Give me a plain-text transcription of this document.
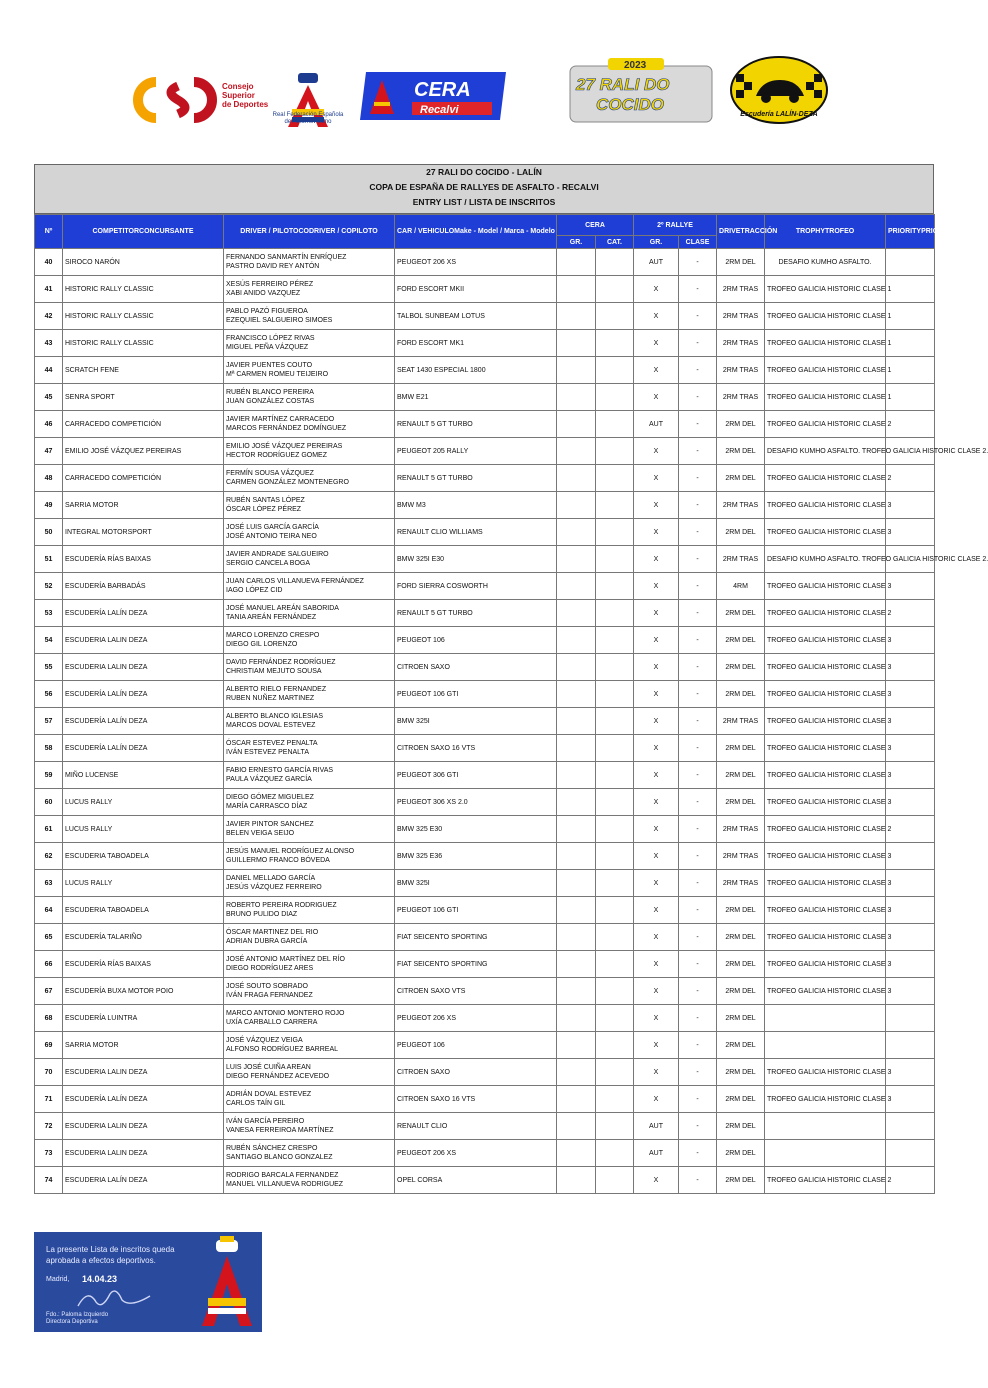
Consejo
Superior
de Deportes
Real Federación Española
de Automovilismo
CERA
Recalvi
2023
27 RALI DO
COCIDO
Escudería LALÍN-DEZA
27 RALI DO COCIDO - LALÍN
COPA DE ESPAÑA DE RALLYES DE ASFALTO - RECALVI
ENTRY LIST / LISTA DE INSCRITOS
Nº	COMPETITORCONCURSANTE	DRIVER / PILOTOCODRIVER / COPILOTO	CAR / VEHICULOMake - Model / Marca - Modelo	CERA		2º RALLYE		DRIVETRACCIÓN	TROPHYTROFEO	PRIORITYPRIORIDAD
				GR.	CAT.	GR.	CLASE			
40	SIROCO NARÓN	FERNANDO SANMARTÍN ENRÍQUEZ
PASTRO DAVID REY ANTÓN	PEUGEOT 206 XS			AUT	-	2RM DEL	DESAFIO KUMHO ASFALTO.	
41	HISTORIC RALLY CLASSIC	XESÚS FERREIRO PÉREZ
XABI ANIDO VAZQUEZ	FORD ESCORT MKII			X	-	2RM TRAS	TROFEO GALICIA HISTORIC CLASE 1	
42	HISTORIC RALLY CLASSIC	PABLO PAZÓ FIGUEROA
EZEQUIEL SALGUEIRO SIMOES	TALBOL SUNBEAM LOTUS			X	-	2RM TRAS	TROFEO GALICIA HISTORIC CLASE 1	
43	HISTORIC RALLY CLASSIC	FRANCISCO LÓPEZ RIVAS
MIGUEL PEÑA VÁZQUEZ	FORD ESCORT MK1			X	-	2RM TRAS	TROFEO GALICIA HISTORIC CLASE 1	
44	SCRATCH FENE	JAVIER PUENTES COUTO
Mª CARMEN ROMEU TEIJEIRO	SEAT 1430 ESPECIAL 1800			X	-	2RM TRAS	TROFEO GALICIA HISTORIC CLASE 1	
45	SENRA SPORT	RUBÉN BLANCO PEREIRA
JUAN GONZÁLEZ COSTAS	BMW E21			X	-	2RM TRAS	TROFEO GALICIA HISTORIC CLASE 1	
46	CARRACEDO COMPETICIÓN	JAVIER MARTÍNEZ CARRACEDO
MARCOS FERNÁNDEZ DOMÍNGUEZ	RENAULT 5 GT TURBO			AUT	-	2RM DEL	TROFEO GALICIA HISTORIC CLASE 2	
47	EMILIO JOSÉ VÁZQUEZ PEREIRAS	EMILIO JOSÉ VÁZQUEZ PEREIRAS
HECTOR RODRÍGUEZ GOMEZ	PEUGEOT 205 RALLY			X	-	2RM DEL	DESAFIO KUMHO ASFALTO. TROFEO GALICIA HISTORIC CLASE 2.	
48	CARRACEDO COMPETICIÓN	FERMÍN SOUSA VÁZQUEZ
CARMEN GONZÁLEZ MONTENEGRO	RENAULT 5 GT TURBO			X	-	2RM DEL	TROFEO GALICIA HISTORIC CLASE 2	
49	SARRIA MOTOR	RUBÉN SANTAS LÓPEZ
ÓSCAR LÓPEZ PÉREZ	BMW M3			X	-	2RM TRAS	TROFEO GALICIA HISTORIC CLASE 3	
50	INTEGRAL MOTORSPORT	JOSÉ LUIS GARCÍA GARCÍA
JOSÉ ANTONIO TEIRA NEO	RENAULT CLIO WILLIAMS			X	-	2RM DEL	TROFEO GALICIA HISTORIC CLASE 3	
51	ESCUDERÍA RÍAS BAIXAS	JAVIER ANDRADE SALGUEIRO
SERGIO CANCELA BOGA	BMW 325I E30			X	-	2RM TRAS	DESAFIO KUMHO ASFALTO. TROFEO GALICIA HISTORIC CLASE 2.	
52	ESCUDERÍA BARBADÁS	JUAN CARLOS VILLANUEVA FERNÁNDEZ
IAGO LÓPEZ CID	FORD SIERRA COSWORTH			X	-	4RM	TROFEO GALICIA HISTORIC CLASE 3	
53	ESCUDERÍA LALÍN DEZA	JOSÉ MANUEL AREÁN SABORIDA
TANIA AREÁN FERNÁNDEZ	RENAULT 5 GT TURBO			X	-	2RM DEL	TROFEO GALICIA HISTORIC CLASE 2	
54	ESCUDERIA LALIN DEZA	MARCO LORENZO CRESPO
DIEGO GIL LORENZO	PEUGEOT 106			X	-	2RM DEL	TROFEO GALICIA HISTORIC CLASE 3	
55	ESCUDERIA LALIN DEZA	DAVID FERNÁNDEZ RODRÍGUEZ
CHRISTIAM MEJUTO SOUSA	CITROEN SAXO			X	-	2RM DEL	TROFEO GALICIA HISTORIC CLASE 3	
56	ESCUDERÍA LALÍN DEZA	ALBERTO RIELO FERNANDEZ
RUBEN NUÑEZ MARTINEZ	PEUGEOT 106 GTI			X	-	2RM DEL	TROFEO GALICIA HISTORIC CLASE 3	
57	ESCUDERÍA LALÍN DEZA	ALBERTO BLANCO IGLESIAS
MARCOS DOVAL ESTEVEZ	BMW 325I			X	-	2RM TRAS	TROFEO GALICIA HISTORIC CLASE 3	
58	ESCUDERÍA LALÍN DEZA	ÓSCAR ESTEVEZ PENALTA
IVÁN ESTEVEZ PENALTA	CITROEN SAXO 16 VTS			X	-	2RM DEL	TROFEO GALICIA HISTORIC CLASE 3	
59	MIÑO LUCENSE	FABIO ERNESTO GARCÍA RIVAS
PAULA VÁZQUEZ GARCÍA	PEUGEOT 306 GTI			X	-	2RM DEL	TROFEO GALICIA HISTORIC CLASE 3	
60	LUCUS RALLY	DIEGO GÓMEZ MIGUELEZ
MARÍA CARRASCO DÍAZ	PEUGEOT 306 XS 2.0			X	-	2RM DEL	TROFEO GALICIA HISTORIC CLASE 3	
61	LUCUS RALLY	JAVIER PINTOR SANCHEZ
BELEN VEIGA SEIJO	BMW 325 E30			X	-	2RM TRAS	TROFEO GALICIA HISTORIC CLASE 2	
62	ESCUDERIA TABOADELA	JESÚS MANUEL RODRÍGUEZ ALONSO
GUILLERMO FRANCO BÓVEDA	BMW 325 E36			X	-	2RM TRAS	TROFEO GALICIA HISTORIC CLASE 3	
63	LUCUS RALLY	DANIEL MELLADO GARCÍA
JESÚS VÁZQUEZ FERREIRO	BMW 325I			X	-	2RM TRAS	TROFEO GALICIA HISTORIC CLASE 3	
64	ESCUDERIA TABOADELA	ROBERTO PEREIRA RODRIGUEZ
BRUNO PULIDO DIAZ	PEUGEOT 106 GTI			X	-	2RM DEL	TROFEO GALICIA HISTORIC CLASE 3	
65	ESCUDERÍA TALARIÑO	ÓSCAR MARTINEZ DEL RIO
ADRIAN DUBRA GARCÍA	FIAT SEICENTO SPORTING			X	-	2RM DEL	TROFEO GALICIA HISTORIC CLASE 3	
66	ESCUDERÍA RÍAS BAIXAS	JOSÉ ANTONIO MARTÍNEZ DEL RÍO
DIEGO RODRÍGUEZ ARES	FIAT SEICENTO SPORTING			X	-	2RM DEL	TROFEO GALICIA HISTORIC CLASE 3	
67	ESCUDERÍA BUXA MOTOR POIO	JOSÉ SOUTO SOBRADO
IVÁN FRAGA FERNANDEZ	CITROEN SAXO VTS			X	-	2RM DEL	TROFEO GALICIA HISTORIC CLASE 3	
68	ESCUDERÍA LUINTRA	MARCO ANTONIO MONTERO ROJO
UXÍA CARBALLO CARRERA	PEUGEOT 206 XS			X	-	2RM DEL		
69	SARRIA MOTOR	JOSÉ VÁZQUEZ VEIGA
ALFONSO RODRÍGUEZ BARREAL	PEUGEOT 106			X	-	2RM DEL		
70	ESCUDERIA LALIN DEZA	LUIS JOSÉ CUIÑA AREAN
DIEGO FERNÁNDEZ ACEVEDO	CITROEN SAXO			X	-	2RM DEL	TROFEO GALICIA HISTORIC CLASE 3	
71	ESCUDERÍA LALÍN DEZA	ADRIÁN DOVAL ESTEVEZ
CARLOS TAÍN GIL	CITROEN SAXO 16 VTS			X	-	2RM DEL	TROFEO GALICIA HISTORIC CLASE 3	
72	ESCUDERIA LALIN DEZA	IVÁN GARCÍA PEREIRO
VANESA FERREIROA MARTÍNEZ	RENAULT CLIO			AUT	-	2RM DEL		
73	ESCUDERIA LALIN DEZA	RUBÉN SÁNCHEZ CRESPO
SANTIAGO BLANCO GONZALEZ	PEUGEOT 206 XS			AUT	-	2RM DEL		
74	ESCUDERIA LALÍN DEZA	RODRIGO BARCALA FERNANDEZ
MANUEL VILLANUEVA RODRIGUEZ	OPEL CORSA			X	-	2RM DEL	TROFEO GALICIA HISTORIC CLASE 2	
La presente Lista de inscritos queda aprobada a efectos deportivos.
Madrid, 14.04.23
Fdo.: Paloma Izquierdo
Directora Deportiva
